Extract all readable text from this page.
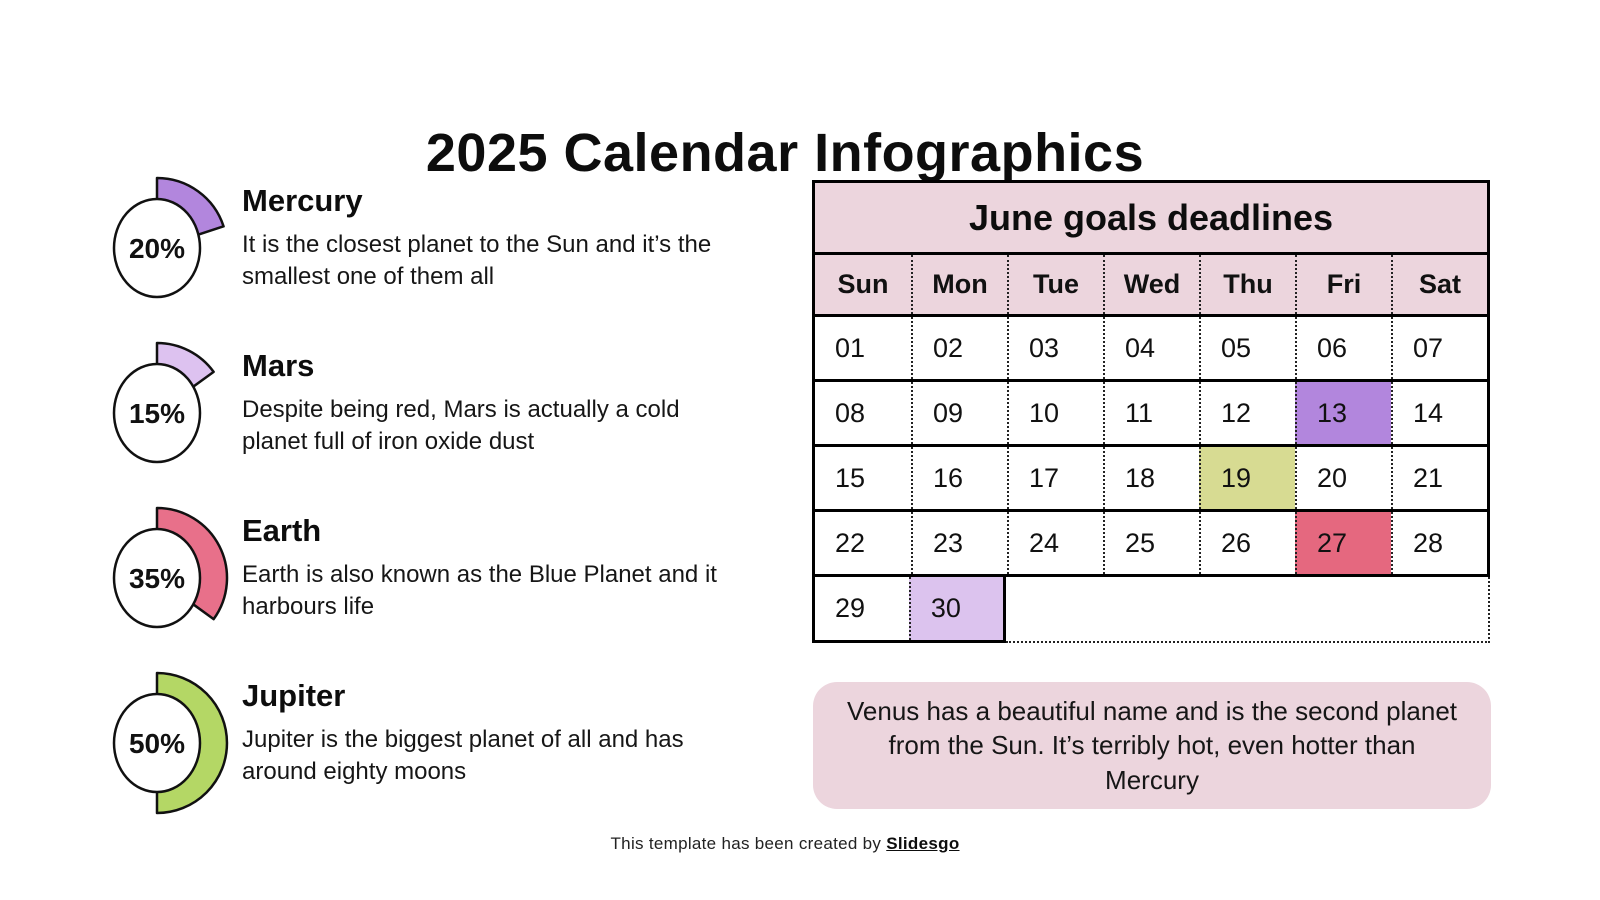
2025 Calendar Infographics
20%
Mercury
It is the closest planet to the Sun and it’s the smallest one of them all
15%
Mars
Despite being red, Mars is actually a cold planet full of iron oxide dust
35%
Earth
Earth is also known as the Blue Planet and it harbours life
50%
Jupiter
Jupiter is the biggest planet of all and has around eighty moons
June goals deadlines
Sun	Mon	Tue	Wed	Thu	Fri	Sat
01	02	03	04	05	06	07
08	09	10	11	12	13	14
15	16	17	18	19	20	21
22	23	24	25	26	27	28
29	30
Venus has a beautiful name and is the second planet from the Sun. It’s terribly hot, even hotter than Mercury
This template has been created by Slidesgo
